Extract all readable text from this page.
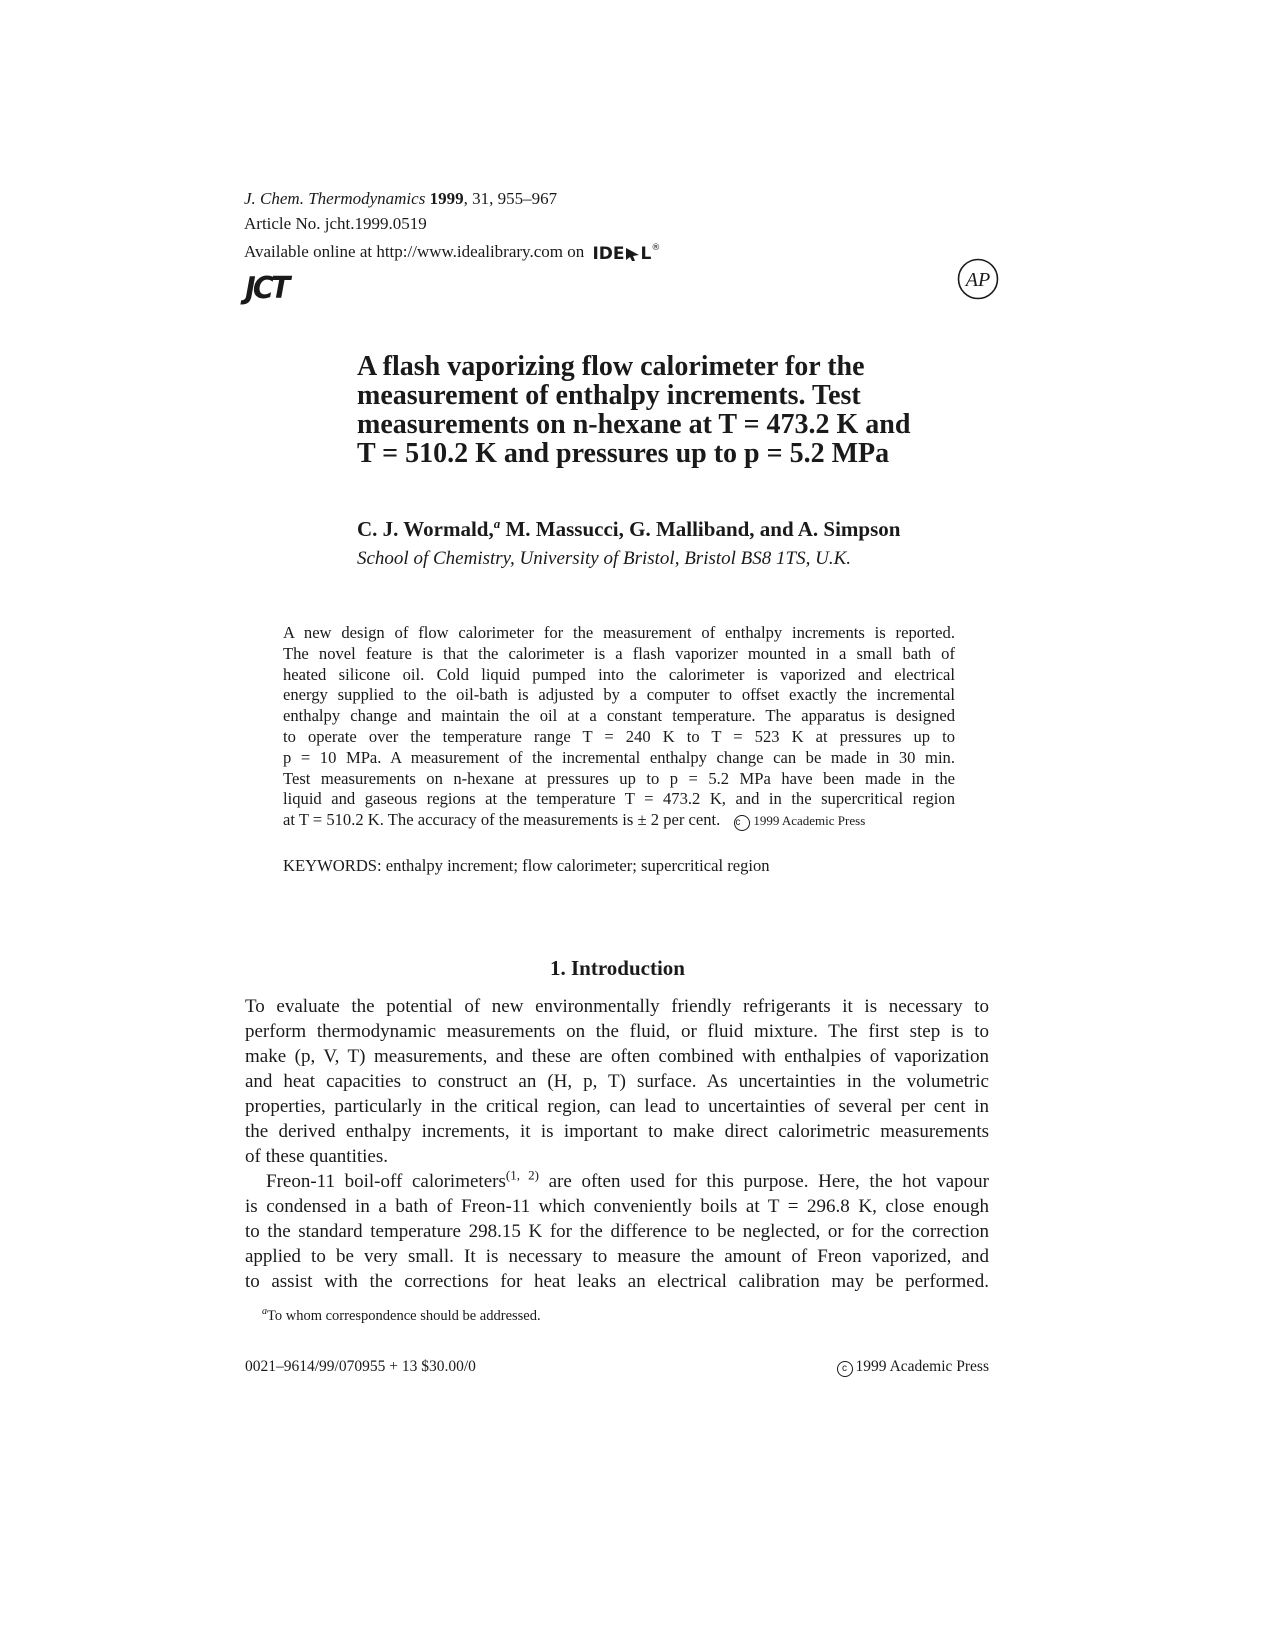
J. Chem. Thermodynamics 1999, 31, 955–967
Article No. jcht.1999.0519
Available online at http://www.idealibrary.com on IDE L®
JCT	AP
A flash vaporizing flow calorimeter for the
measurement of enthalpy increments. Test
measurements on n-hexane at T = 473.2 K and
T = 510.2 K and pressures up to p = 5.2 MPa
C. J. Wormald,$^a$ M. Massucci, G. Malliband, and A. Simpson
School of Chemistry, University of Bristol, Bristol BS8 1TS, U.K.
A new design of flow calorimeter for the measurement of enthalpy increments is reported.
The novel feature is that the calorimeter is a flash vaporizer mounted in a small bath of
heated silicone oil. Cold liquid pumped into the calorimeter is vaporized and electrical
energy supplied to the oil-bath is adjusted by a computer to offset exactly the incremental
enthalpy change and maintain the oil at a constant temperature. The apparatus is designed
to operate over the temperature range T = 240 K to T = 523 K at pressures up to
p = 10 MPa. A measurement of the incremental enthalpy change can be made in 30 min.
Test measurements on n-hexane at pressures up to p = 5.2 MPa have been made in the
liquid and gaseous regions at the temperature T = 473.2 K, and in the supercritical region
at T = 510.2 K. The accuracy of the measurements is ± 2 per cent. c 1999 Academic Press
KEYWORDS: enthalpy increment; flow calorimeter; supercritical region
1. Introduction
To evaluate the potential of new environmentally friendly refrigerants it is necessary to
perform thermodynamic measurements on the fluid, or fluid mixture. The first step is to
make (p, V, T) measurements, and these are often combined with enthalpies of vaporization
and heat capacities to construct an (H, p, T) surface. As uncertainties in the volumetric
properties, particularly in the critical region, can lead to uncertainties of several per cent in
the derived enthalpy increments, it is important to make direct calorimetric measurements
of these quantities.
Freon-11 boil-off calorimeters$^{(1, 2)}$ are often used for this purpose. Here, the hot vapour
is condensed in a bath of Freon-11 which conveniently boils at T = 296.8 K, close enough
to the standard temperature 298.15 K for the difference to be neglected, or for the correction
applied to be very small. It is necessary to measure the amount of Freon vaporized, and
to assist with the corrections for heat leaks an electrical calibration may be performed.
$^a$To whom correspondence should be addressed.
0021–9614/99/070955 + 13 $30.00/0	c 1999 Academic Press
